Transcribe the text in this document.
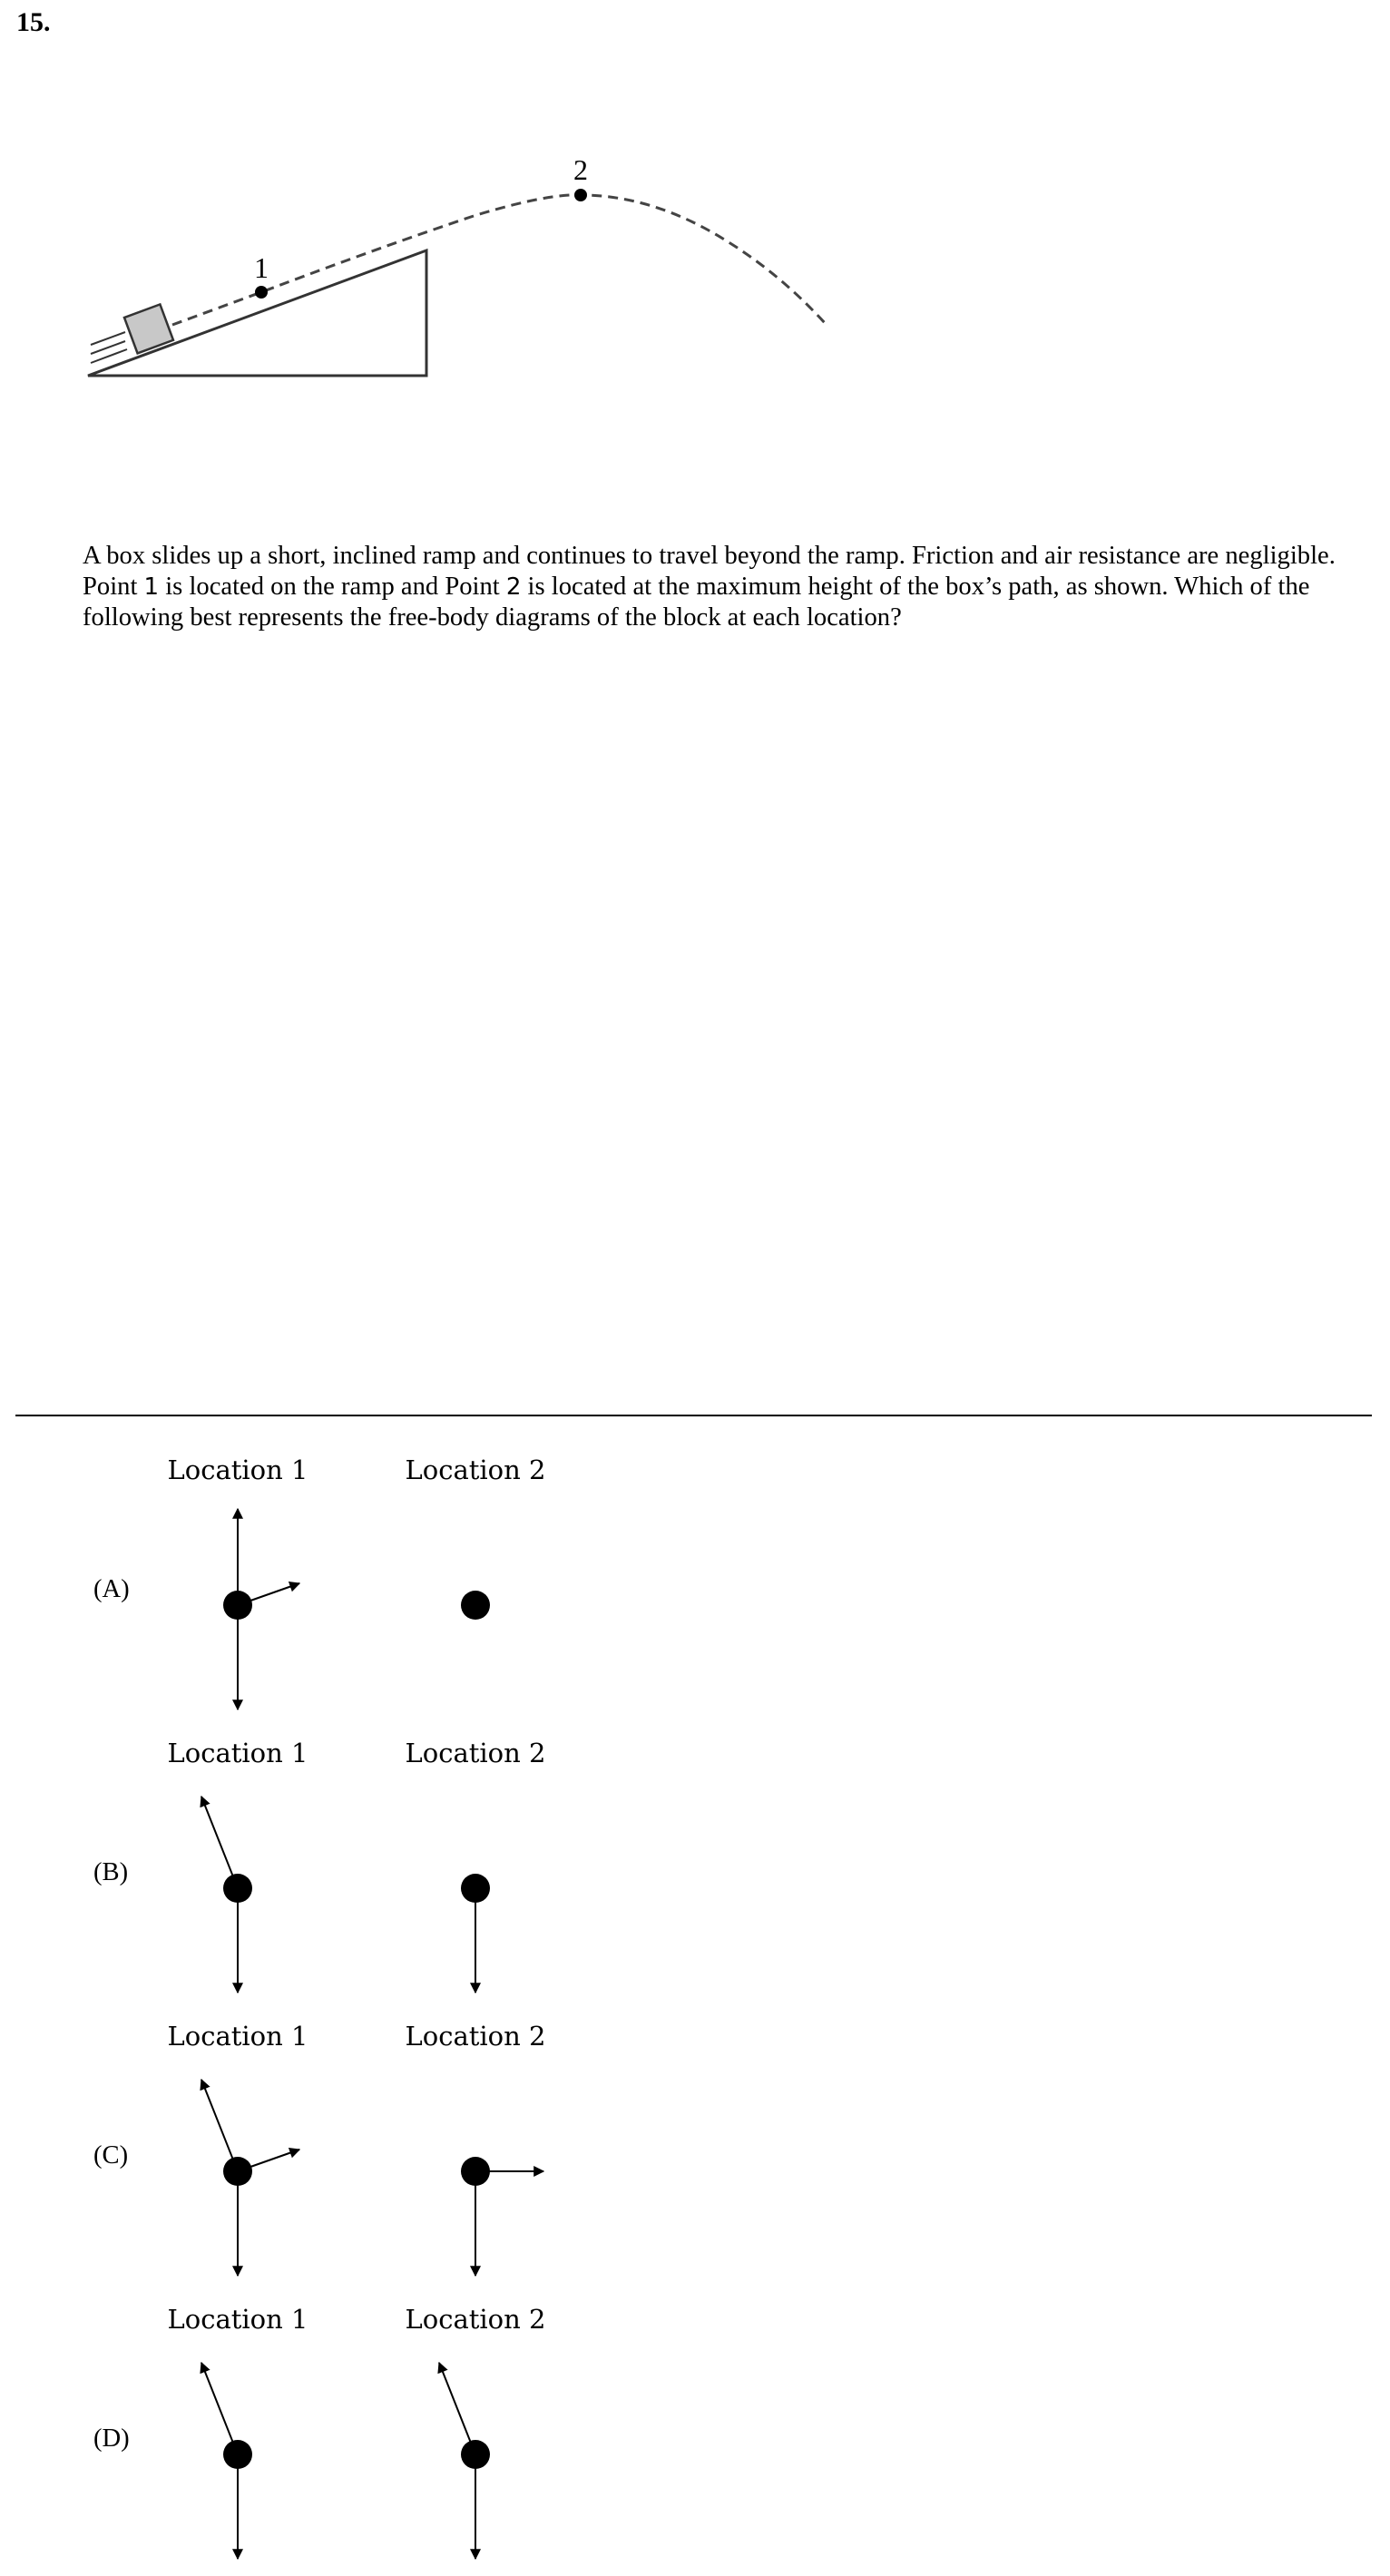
15.
1
2

A box slides up a short, inclined ramp and continues to travel beyond the ramp. Friction and air resistance are negligible. Point 1 is located on the ramp and Point 2 is located at the maximum height of the box’s path, as shown. Which of the following best represents the free-body diagrams of the block at each location?

(A)
Location 1	Location 2
(B)
Location 1	Location 2
(C)
Location 1	Location 2
(D)
Location 1	Location 2
